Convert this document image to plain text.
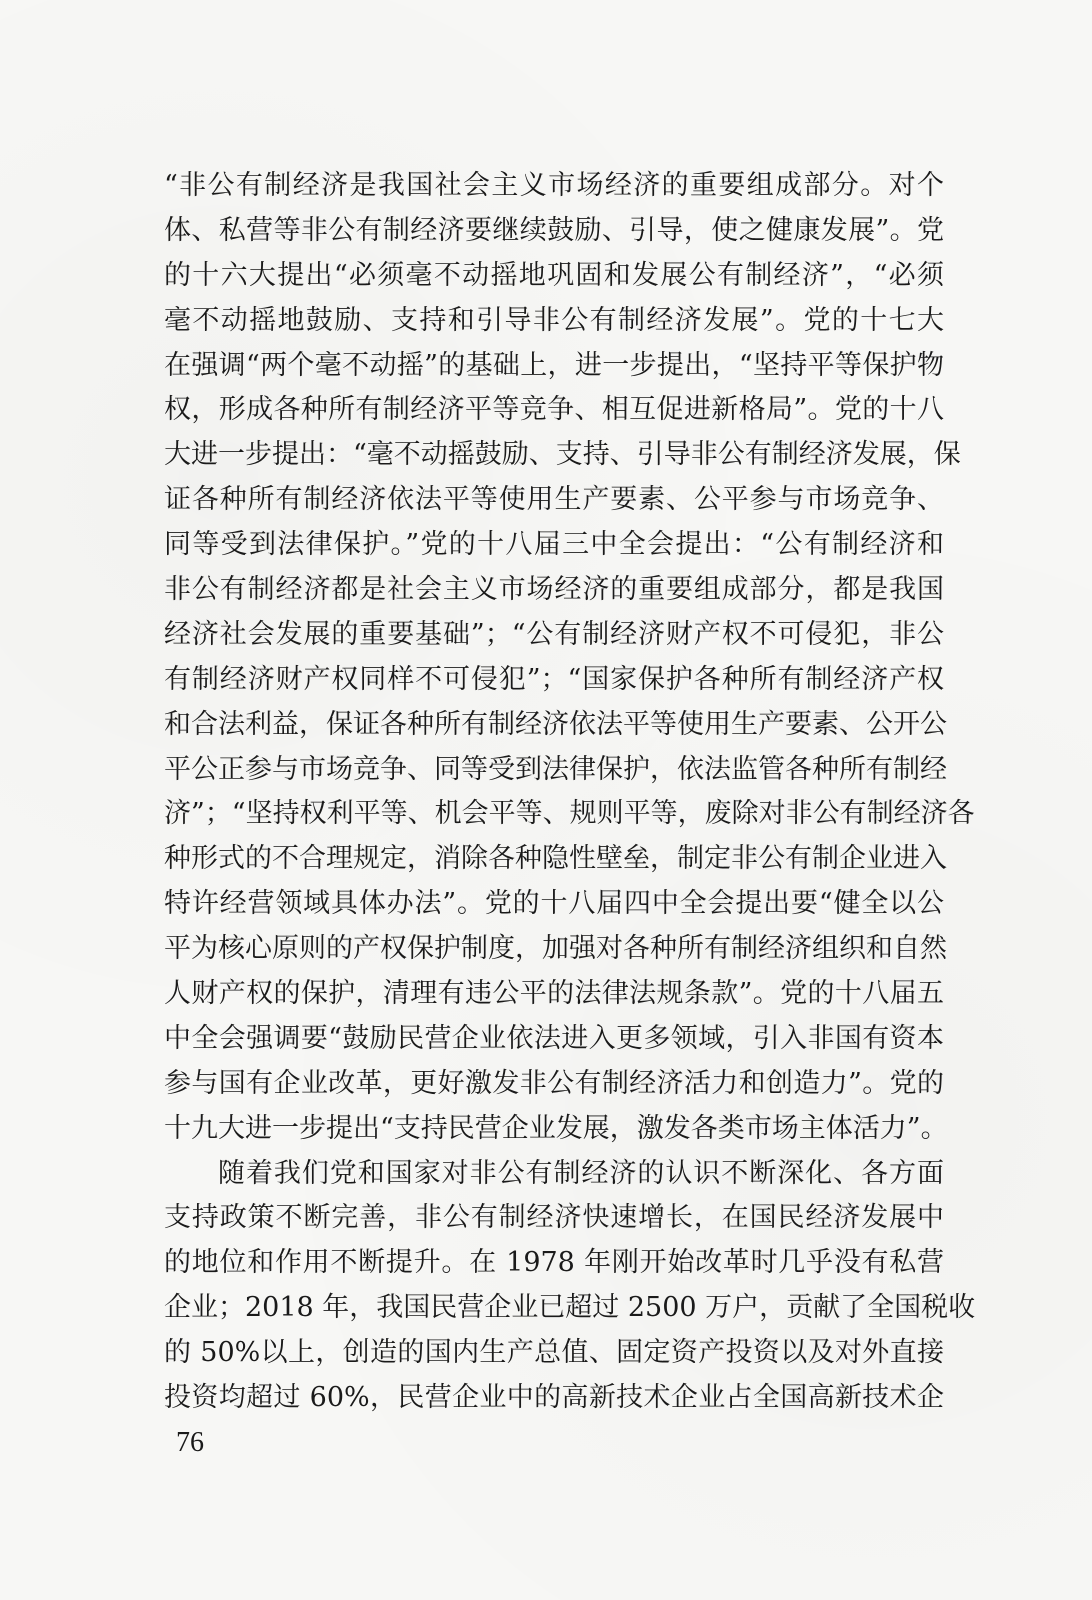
“非公有制经济是我国社会主义市场经济的重要组成部分。对个
体、私营等非公有制经济要继续鼓励、引导，使之健康发展”。党
的十六大提出“必须毫不动摇地巩固和发展公有制经济”，“必须
毫不动摇地鼓励、支持和引导非公有制经济发展”。党的十七大
在强调“两个毫不动摇”的基础上，进一步提出，“坚持平等保护物
权，形成各种所有制经济平等竞争、相互促进新格局”。党的十八
大进一步提出：“毫不动摇鼓励、支持、引导非公有制经济发展，保
证各种所有制经济依法平等使用生产要素、公平参与市场竞争、
同等受到法律保护。”党的十八届三中全会提出：“公有制经济和
非公有制经济都是社会主义市场经济的重要组成部分，都是我国
经济社会发展的重要基础”；“公有制经济财产权不可侵犯，非公
有制经济财产权同样不可侵犯”；“国家保护各种所有制经济产权
和合法利益，保证各种所有制经济依法平等使用生产要素、公开公
平公正参与市场竞争、同等受到法律保护，依法监管各种所有制经
济”；“坚持权利平等、机会平等、规则平等，废除对非公有制经济各
种形式的不合理规定，消除各种隐性壁垒，制定非公有制企业进入
特许经营领域具体办法”。党的十八届四中全会提出要“健全以公
平为核心原则的产权保护制度，加强对各种所有制经济组织和自然
人财产权的保护，清理有违公平的法律法规条款”。党的十八届五
中全会强调要“鼓励民营企业依法进入更多领域，引入非国有资本
参与国有企业改革，更好激发非公有制经济活力和创造力”。党的
十九大进一步提出“支持民营企业发展，激发各类市场主体活力”。
随着我们党和国家对非公有制经济的认识不断深化、各方面
支持政策不断完善，非公有制经济快速增长，在国民经济发展中
的地位和作用不断提升。在 1978 年刚开始改革时几乎没有私营
企业；2018 年，我国民营企业已超过 2500 万户，贡献了全国税收
的 50%以上，创造的国内生产总值、固定资产投资以及对外直接
投资均超过 60%，民营企业中的高新技术企业占全国高新技术企
76
